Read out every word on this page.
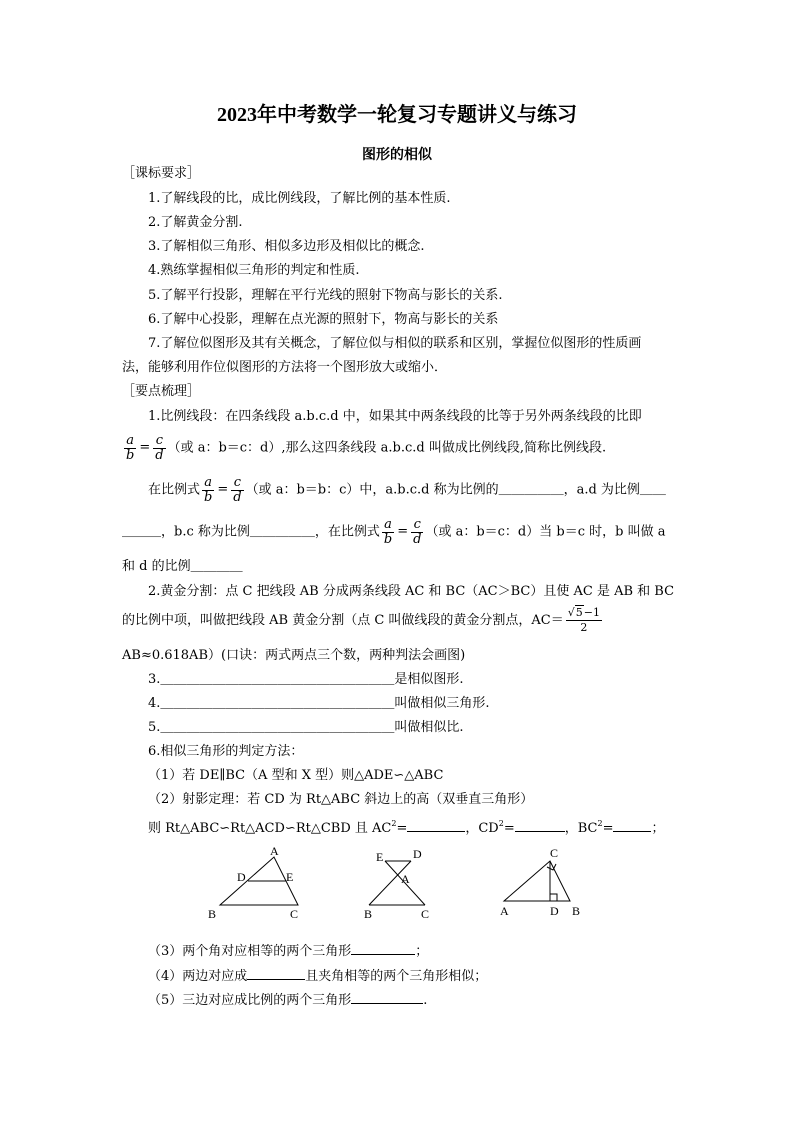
2023年中考数学一轮复习专题讲义与练习
图形的相似
［课标要求］
1.了解线段的比，成比例线段，了解比例的基本性质.
2.了解黄金分割.
3.了解相似三角形、相似多边形及相似比的概念.
4.熟练掌握相似三角形的判定和性质.
5.了解平行投影，理解在平行光线的照射下物高与影长的关系.
6.了解中心投影，理解在点光源的照射下，物高与影长的关系
7.了解位似图形及其有关概念，了解位似与相似的联系和区别，掌握位似图形的性质画
法，能够利用作位似图形的方法将一个图形放大或缩小．
［要点梳理］
1.比例线段：在四条线段 a.b.c.d 中，如果其中两条线段的比等于另外两条线段的比即
$\frac{a}{b} = \frac{c}{d}$ （或 a：b＝c：d）,那么这四条线段 a.b.c.d 叫做成比例线段,简称比例线段.
在比例式 $\frac{a}{b} = \frac{c}{d}$ （或 a：b＝b：c）中，a.b.c.d 称为比例的＿＿＿＿＿，a.d 为比例＿＿
＿＿＿，b.c 称为比例＿＿＿＿＿，在比例式 $\frac{a}{b} = \frac{c}{d}$ （或 a：b＝c：d）当 b＝c 时，b 叫做 a
和 d 的比例＿＿＿＿
2.黄金分割：点 C 把线段 AB 分成两条线段 AC 和 BC（AC＞BC）且使 AC 是 AB 和 BC
的比例中项，叫做把线段 AB 黄金分割（点 C 叫做线段的黄金分割点，$AC= \frac{√5-1}{2}$
AB≈0.618AB）(口诀：两式两点三个数，两种判法会画图)
3.＿＿＿＿＿＿＿＿＿＿＿＿＿＿＿＿＿＿是相似图形.
4.＿＿＿＿＿＿＿＿＿＿＿＿＿＿＿＿＿＿叫做相似三角形.
5.＿＿＿＿＿＿＿＿＿＿＿＿＿＿＿＿＿＿叫做相似比.
6.相似三角形的判定方法：
（1）若 DE∥BC（A 型和 X 型）则△ADE∽△ABC
（2）射影定理：若 CD 为 Rt△ABC 斜边上的高（双垂直三角形）
则 Rt△ABC∽Rt△ACD∽Rt△CBD 且 $AC^2=$	，$CD^2=$	，$BC^2=$	；
A
D	E
B	C
E D
A
B	C
C
A	D B
（3）两个角对应相等的两个三角形	；
（4）两边对应成	且夹角相等的两个三角形相似；
（5）三边对应成比例的两个三角形	.
